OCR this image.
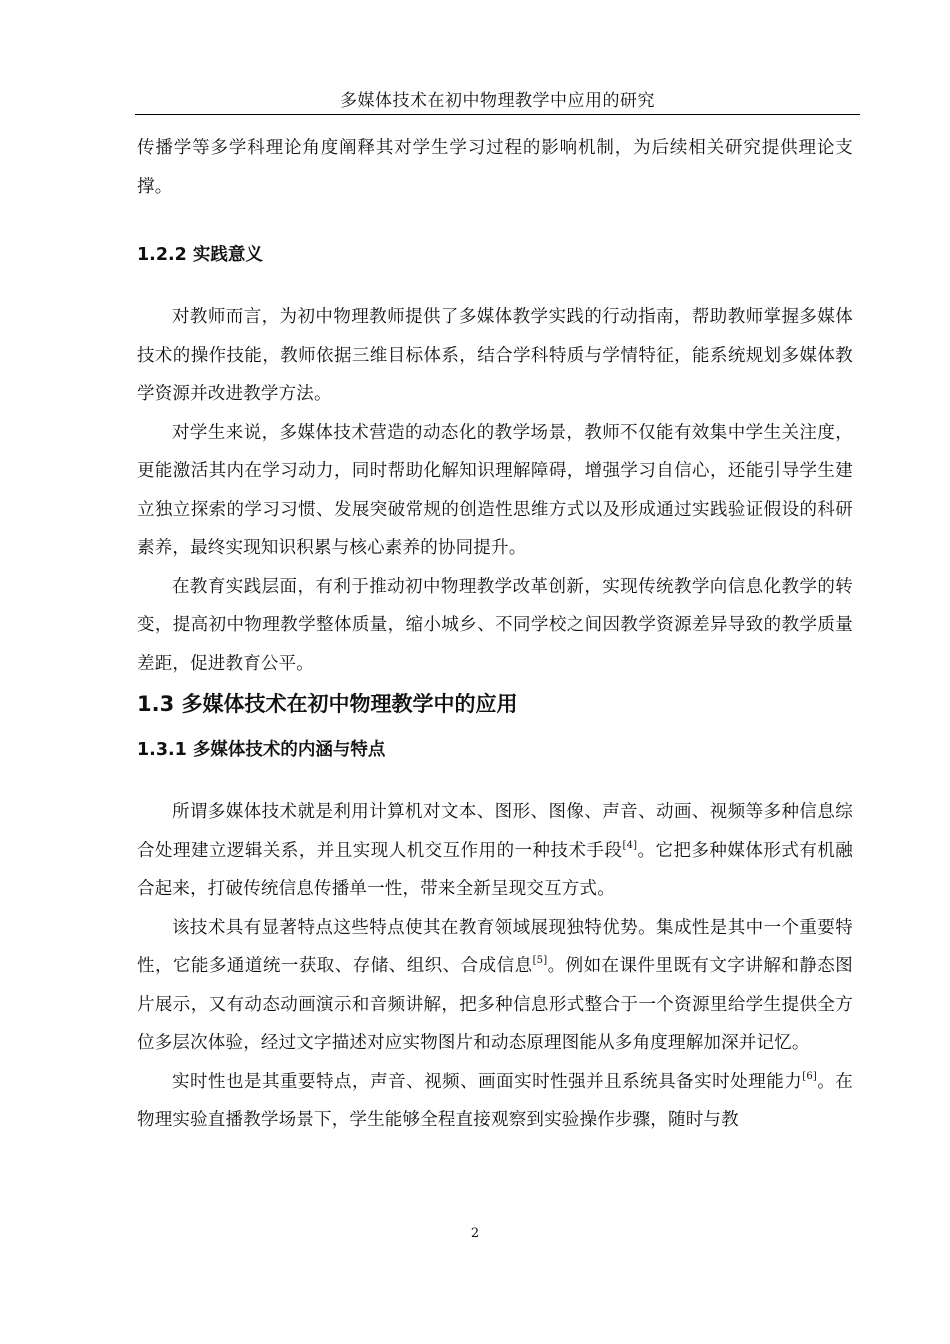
多媒体技术在初中物理教学中应用的研究

传播学等多学科理论角度阐释其对学生学习过程的影响机制，为后续相关研究提供理论支撑。

1.2.2 实践意义

对教师而言，为初中物理教师提供了多媒体教学实践的行动指南，帮助教师掌握多媒体技术的操作技能，教师依据三维目标体系，结合学科特质与学情特征，能系统规划多媒体教学资源并改进教学方法。

对学生来说，多媒体技术营造的动态化的教学场景，教师不仅能有效集中学生关注度，更能激活其内在学习动力，同时帮助化解知识理解障碍，增强学习自信心，还能引导学生建立独立探索的学习习惯、发展突破常规的创造性思维方式以及形成通过实践验证假设的科研素养，最终实现知识积累与核心素养的协同提升。

在教育实践层面，有利于推动初中物理教学改革创新，实现传统教学向信息化教学的转变，提高初中物理教学整体质量，缩小城乡、不同学校之间因教学资源差异导致的教学质量差距，促进教育公平。

1.3 多媒体技术在初中物理教学中的应用
1.3.1 多媒体技术的内涵与特点

所谓多媒体技术就是利用计算机对文本、图形、图像、声音、动画、视频等多种信息综合处理建立逻辑关系，并且实现人机交互作用的一种技术手段[4]。它把多种媒体形式有机融合起来，打破传统信息传播单一性，带来全新呈现交互方式。

该技术具有显著特点这些特点使其在教育领域展现独特优势。集成性是其中一个重要特性，它能多通道统一获取、存储、组织、合成信息[5]。例如在课件里既有文字讲解和静态图片展示，又有动态动画演示和音频讲解，把多种信息形式整合于一个资源里给学生提供全方位多层次体验，经过文字描述对应实物图片和动态原理图能从多角度理解加深并记忆。

实时性也是其重要特点，声音、视频、画面实时性强并且系统具备实时处理能力[6]。在物理实验直播教学场景下，学生能够全程直接观察到实验操作步骤，随时与教

2
